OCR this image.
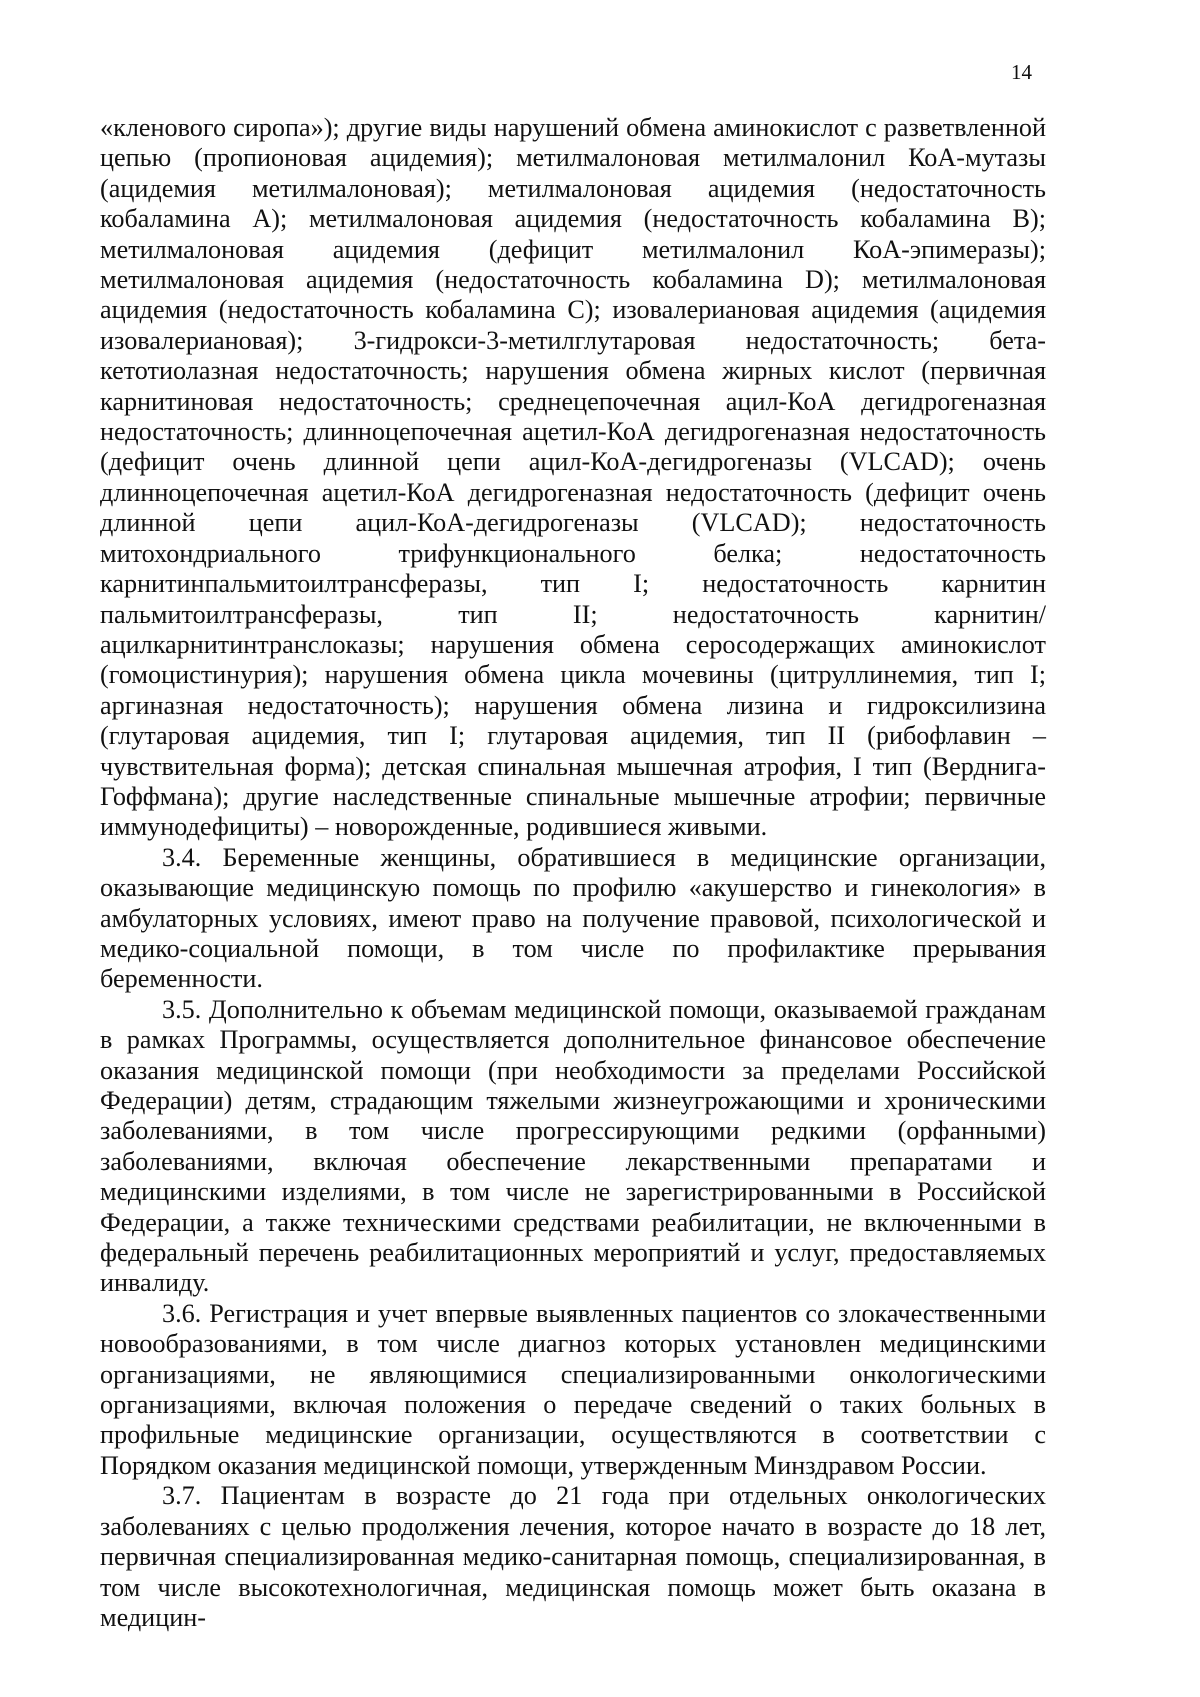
14

«кленового сиропа»); другие виды нарушений обмена аминокислот с разветвленной цепью (пропионовая ацидемия); метилмалоновая метилмалонил КоА-мутазы (ацидемия метилмалоновая); метилмалоновая ацидемия (недостаточность кобаламина А); метилмалоновая ацидемия (недостаточность кобаламина В); метилмалоновая ацидемия (дефицит метилмалонил КоА-эпимеразы); метилмалоновая ацидемия (недостаточность кобаламина D); метилмалоновая ацидемия (недостаточность кобаламина С); изовалериановая ацидемия (ацидемия изовалериановая); 3-гидрокси-3-метилглутаровая недостаточность; бета-кетотиолазная недостаточность; нарушения обмена жирных кислот (первичная карнитиновая недостаточность; среднецепочечная ацил-КоА дегидрогеназная недостаточность; длинноцепочечная ацетил-КоА дегидрогеназная недостаточность (дефицит очень длинной цепи ацил-КоА-дегидрогеназы (VLCAD); очень длинноцепочечная ацетил-КоА дегидрогеназная недостаточность (дефицит очень длинной цепи ацил-КоА-дегидрогеназы (VLCAD); недостаточность митохондриального трифункционального белка; недостаточность карнитинпальмитоилтрансферазы, тип I; недостаточность карнитин пальмитоилтрансферазы, тип II; недостаточность карнитин/ацилкарнитинтранслоказы; нарушения обмена серосодержащих аминокислот (гомоцистинурия); нарушения обмена цикла мочевины (цитруллинемия, тип I; аргиназная недостаточность); нарушения обмена лизина и гидроксилизина (глутаровая ацидемия, тип I; глутаровая ацидемия, тип II (рибофлавин – чувствительная форма); детская спинальная мышечная атрофия, I тип (Верднига-Гоффмана); другие наследственные спинальные мышечные атрофии; первичные иммунодефициты) – новорожденные, родившиеся живыми.

3.4. Беременные женщины, обратившиеся в медицинские организации, оказывающие медицинскую помощь по профилю «акушерство и гинекология» в амбулаторных условиях, имеют право на получение правовой, психологической и медико-социальной помощи, в том числе по профилактике прерывания беременности.

3.5. Дополнительно к объемам медицинской помощи, оказываемой гражданам в рамках Программы, осуществляется дополнительное финансовое обеспечение оказания медицинской помощи (при необходимости за пределами Российской Федерации) детям, страдающим тяжелыми жизнеугрожающими и хроническими заболеваниями, в том числе прогрессирующими редкими (орфанными) заболеваниями, включая обеспечение лекарственными препаратами и медицинскими изделиями, в том числе не зарегистрированными в Российской Федерации, а также техническими средствами реабилитации, не включенными в федеральный перечень реабилитационных мероприятий и услуг, предоставляемых инвалиду.

3.6. Регистрация и учет впервые выявленных пациентов со злокачественными новообразованиями, в том числе диагноз которых установлен медицинскими организациями, не являющимися специализированными онкологическими организациями, включая положения о передаче сведений о таких больных в профильные медицинские организации, осуществляются в соответствии с Порядком оказания медицинской помощи, утвержденным Минздравом России.

3.7. Пациентам в возрасте до 21 года при отдельных онкологических заболеваниях с целью продолжения лечения, которое начато в возрасте до 18 лет, первичная специализированная медико-санитарная помощь, специализированная, в том числе высокотехнологичная, медицинская помощь может быть оказана в медицин-
